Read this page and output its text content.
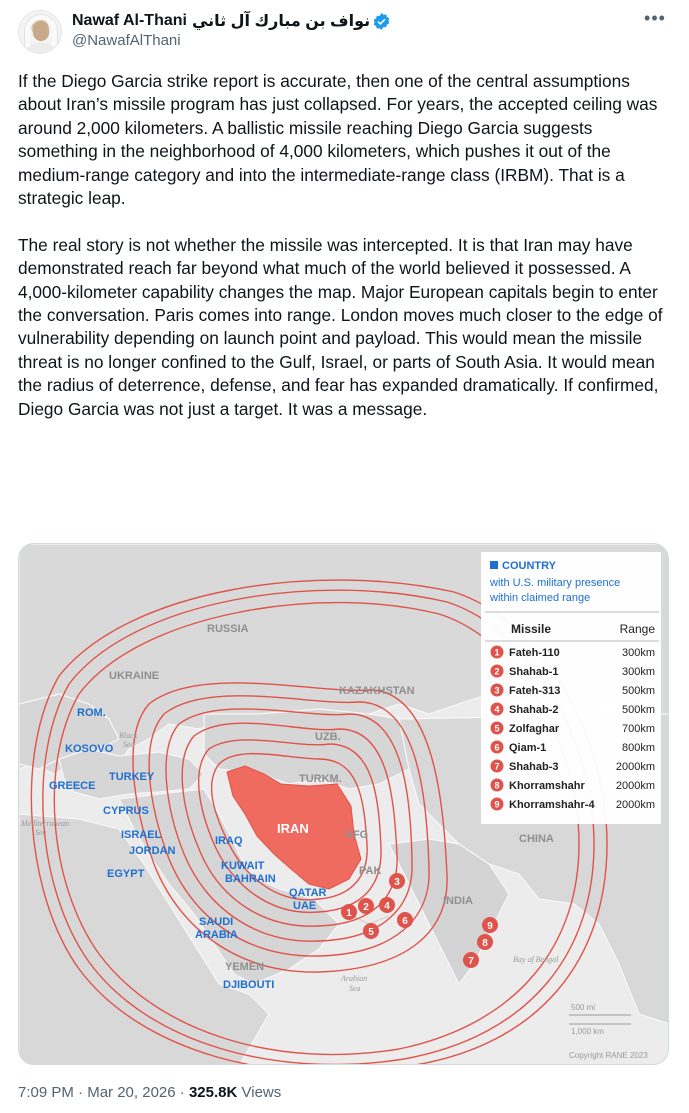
Nawaf Al-Thani نواف بن مبارك آل ثاني
@NawafAlThani
•••

If the Diego Garcia strike report is accurate, then one of the central assumptions about Iran’s missile program has just collapsed. For years, the accepted ceiling was around 2,000 kilometers. A ballistic missile reaching Diego Garcia suggests something in the neighborhood of 4,000 kilometers, which pushes it out of the medium-range category and into the intermediate-range class (IRBM). That is a strategic leap.

The real story is not whether the missile was intercepted. It is that Iran may have demonstrated reach far beyond what much of the world believed it possessed. A 4,000-kilometer capability changes the map. Major European capitals begin to enter the conversation. Paris comes into range. London moves much closer to the edge of vulnerability depending on launch point and payload. This would mean the missile threat is no longer confined to the Gulf, Israel, or parts of South Asia. It would mean the radius of deterrence, defense, and fear has expanded dramatically. If confirmed, Diego Garcia was not just a target. It was a message.

1
2
3
4
5
6
7
8
9
RUSSIA
UKRAINE
KAZAKHSTAN
UZB.
TURKM.
AFG	CHINA
PAK
INDIA
YEMEN
Black
Sea
Mediterranean
Sea
Arabian
Sea
Bay of Bengal
ROM.
KOSOVO
GREECE
TURKEY
CYPRUS
ISRAEL
JORDAN
IRAQ
EGYPT
KUWAIT
BAHRAIN
QATAR
UAE
SAUDI
ARABIA
DJIBOUTI
IRAN
COUNTRY
with U.S. military presence
within claimed range
Missile	Range
1 Fateh-110	300km
2 Shahab-1	300km
3 Fateh-313	500km
4 Shahab-2	500km
5 Zolfaghar	700km
6 Qiam-1	800km
7 Shahab-3	2000km
8 Khorramshahr	2000km
9 Khorramshahr-4 2000km
500 mi
1,000 km
Copyright RANE 2023
7:09 PM · Mar 20, 2026 · 325.8K Views
